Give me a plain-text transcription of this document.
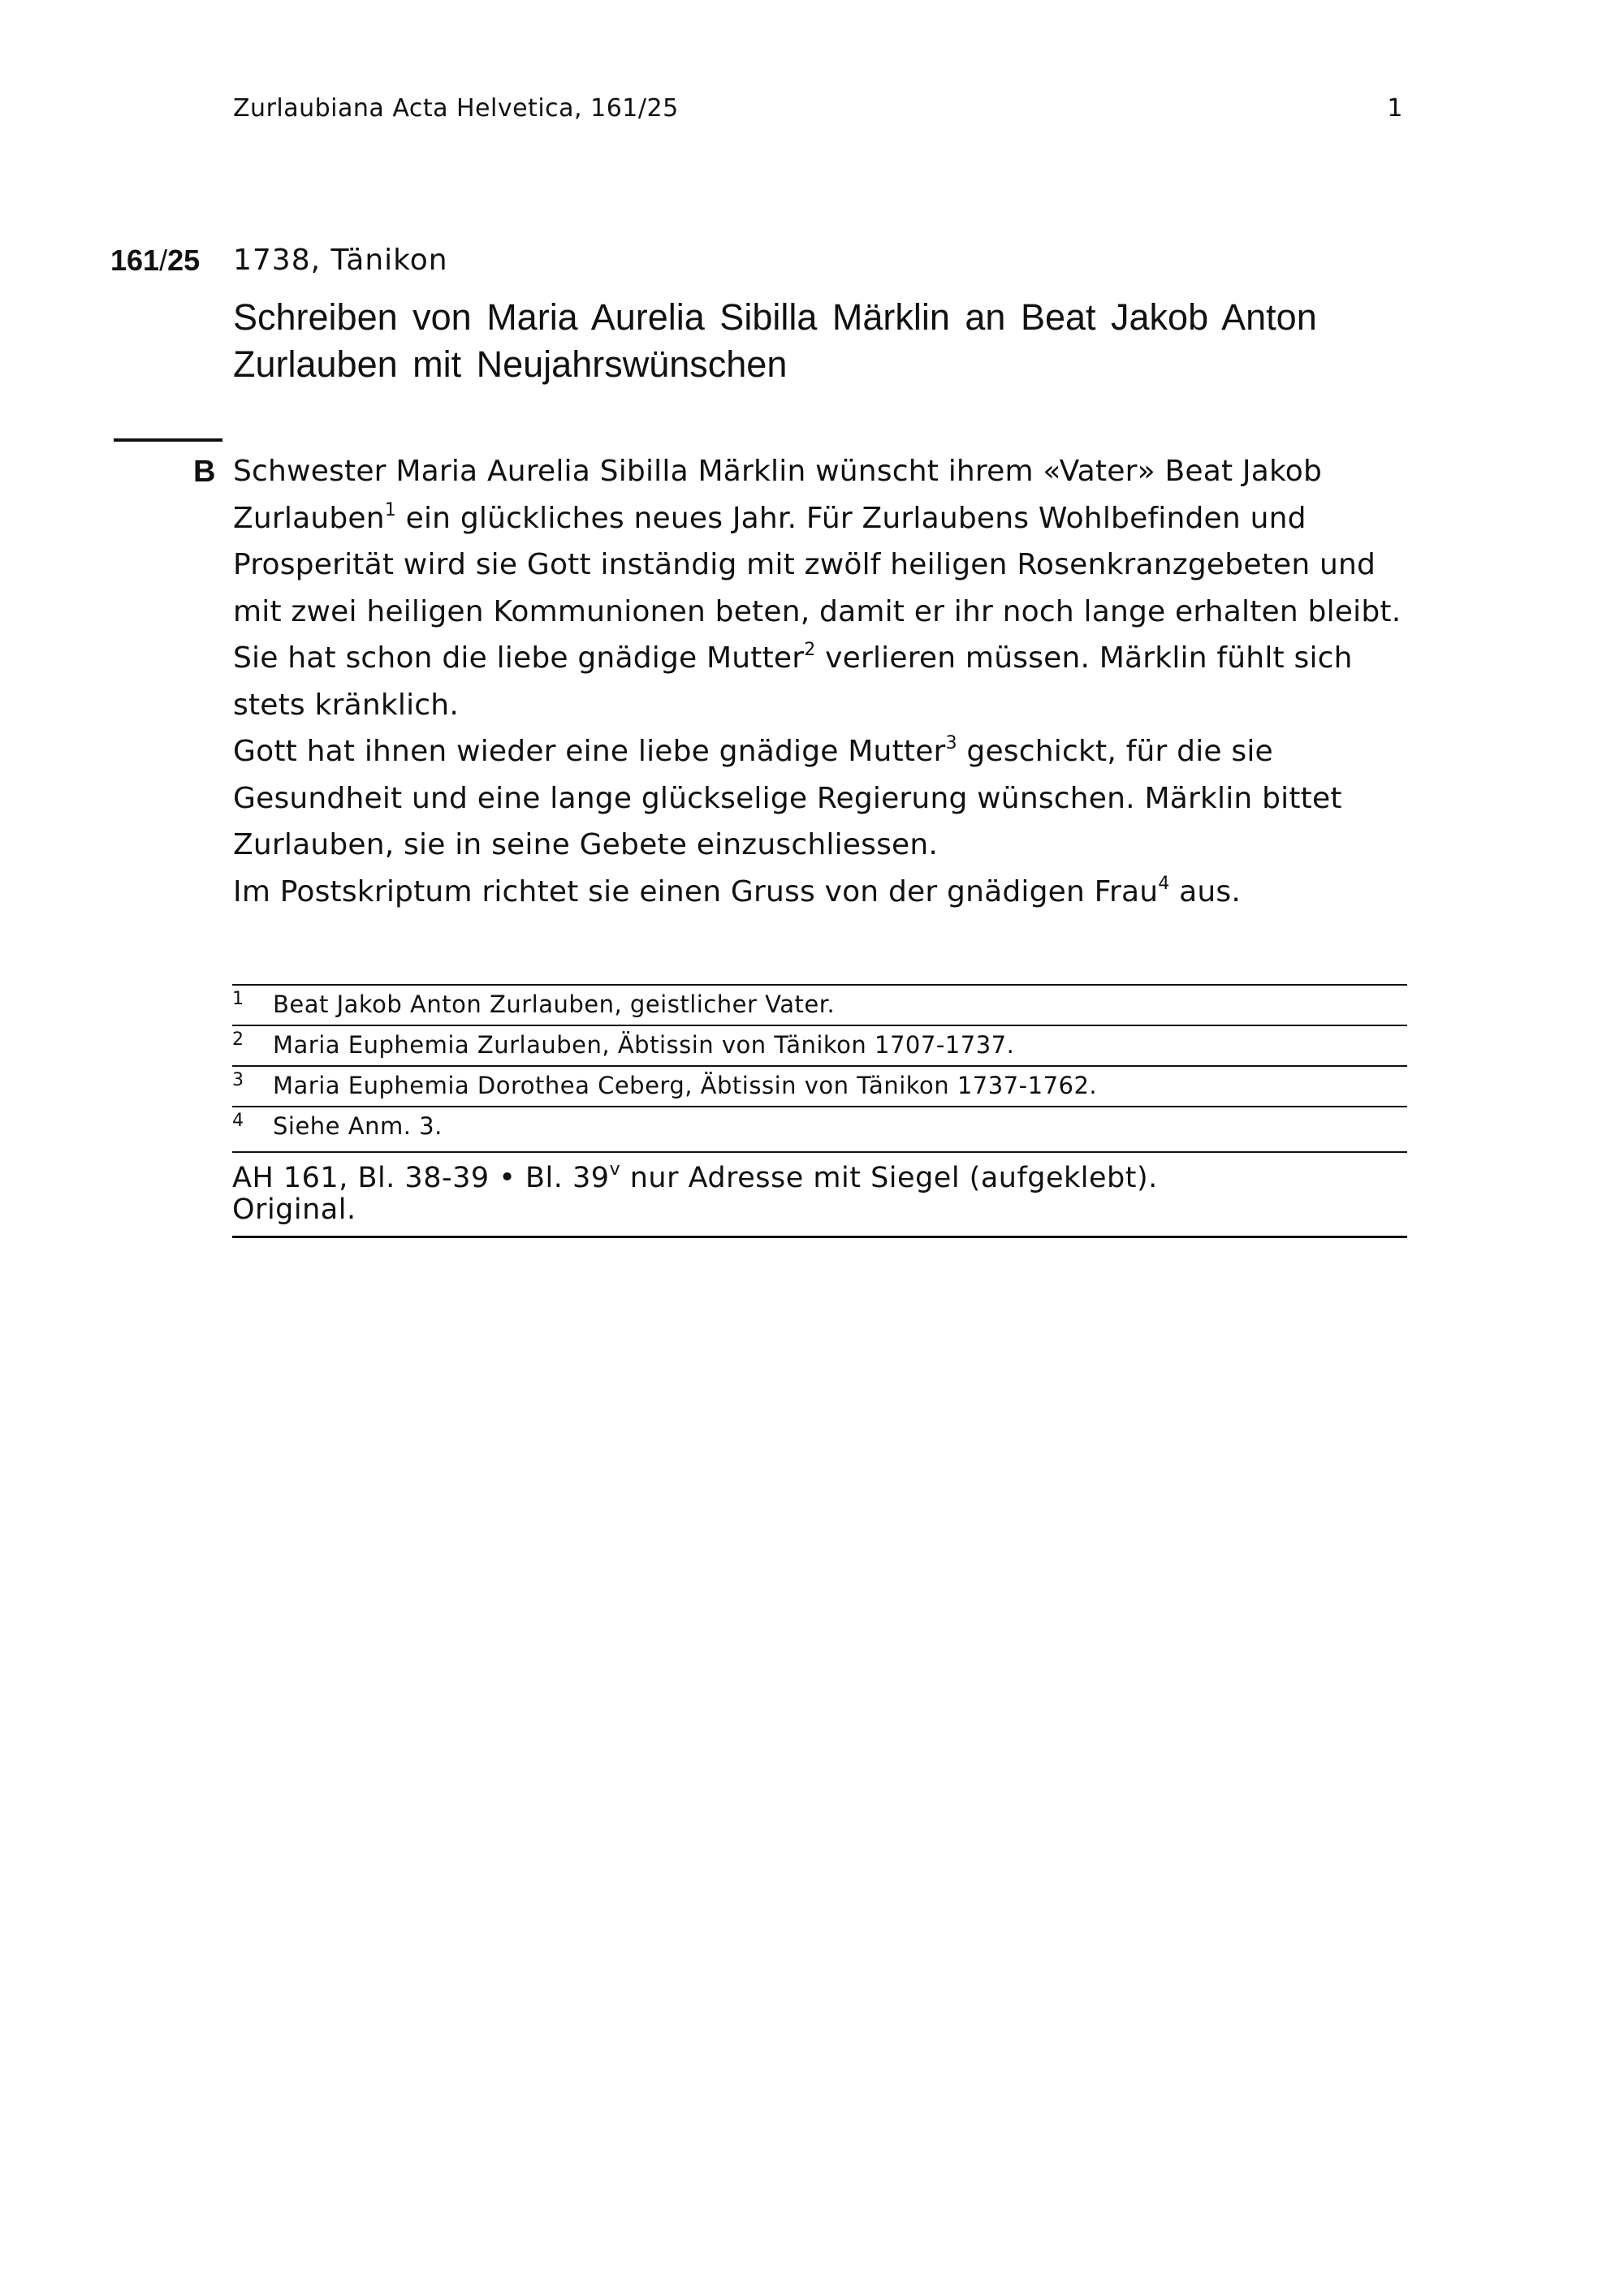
Zurlaubiana Acta Helvetica, 161/25	1
161/25 1738, Tänikon
Schreiben von Maria Aurelia Sibilla Märklin an Beat Jakob Anton Zurlauben mit Neujahrswünschen
B Schwester Maria Aurelia Sibilla Märklin wünscht ihrem «Vater» Beat Jakob Zurlauben$^1$ ein glückliches neues Jahr. Für Zurlaubens Wohlbefinden und Prosperität wird sie Gott inständig mit zwölf heiligen Rosenkranzgebeten und mit zwei heiligen Kommunionen beten, damit er ihr noch lange erhalten bleibt. Sie hat schon die liebe gnädige Mutter$^2$ verlieren müssen. Märklin fühlt sich stets kränklich.

Gott hat ihnen wieder eine liebe gnädige Mutter$^3$ geschickt, für die sie Gesundheit und eine lange glückselige Regierung wünschen. Märklin bittet Zurlauben, sie in seine Gebete einzuschliessen.

Im Postskriptum richtet sie einen Gruss von der gnädigen Frau$^4$ aus.

1 Beat Jakob Anton Zurlauben, geistlicher Vater.
2 Maria Euphemia Zurlauben, Äbtissin von Tänikon 1707-1737.
3 Maria Euphemia Dorothea Ceberg, Äbtissin von Tänikon 1737-1762.
4 Siehe Anm. 3.
AH 161, Bl. 38-39 • Bl. 39$^v$ nur Adresse mit Siegel (aufgeklebt).
Original.
